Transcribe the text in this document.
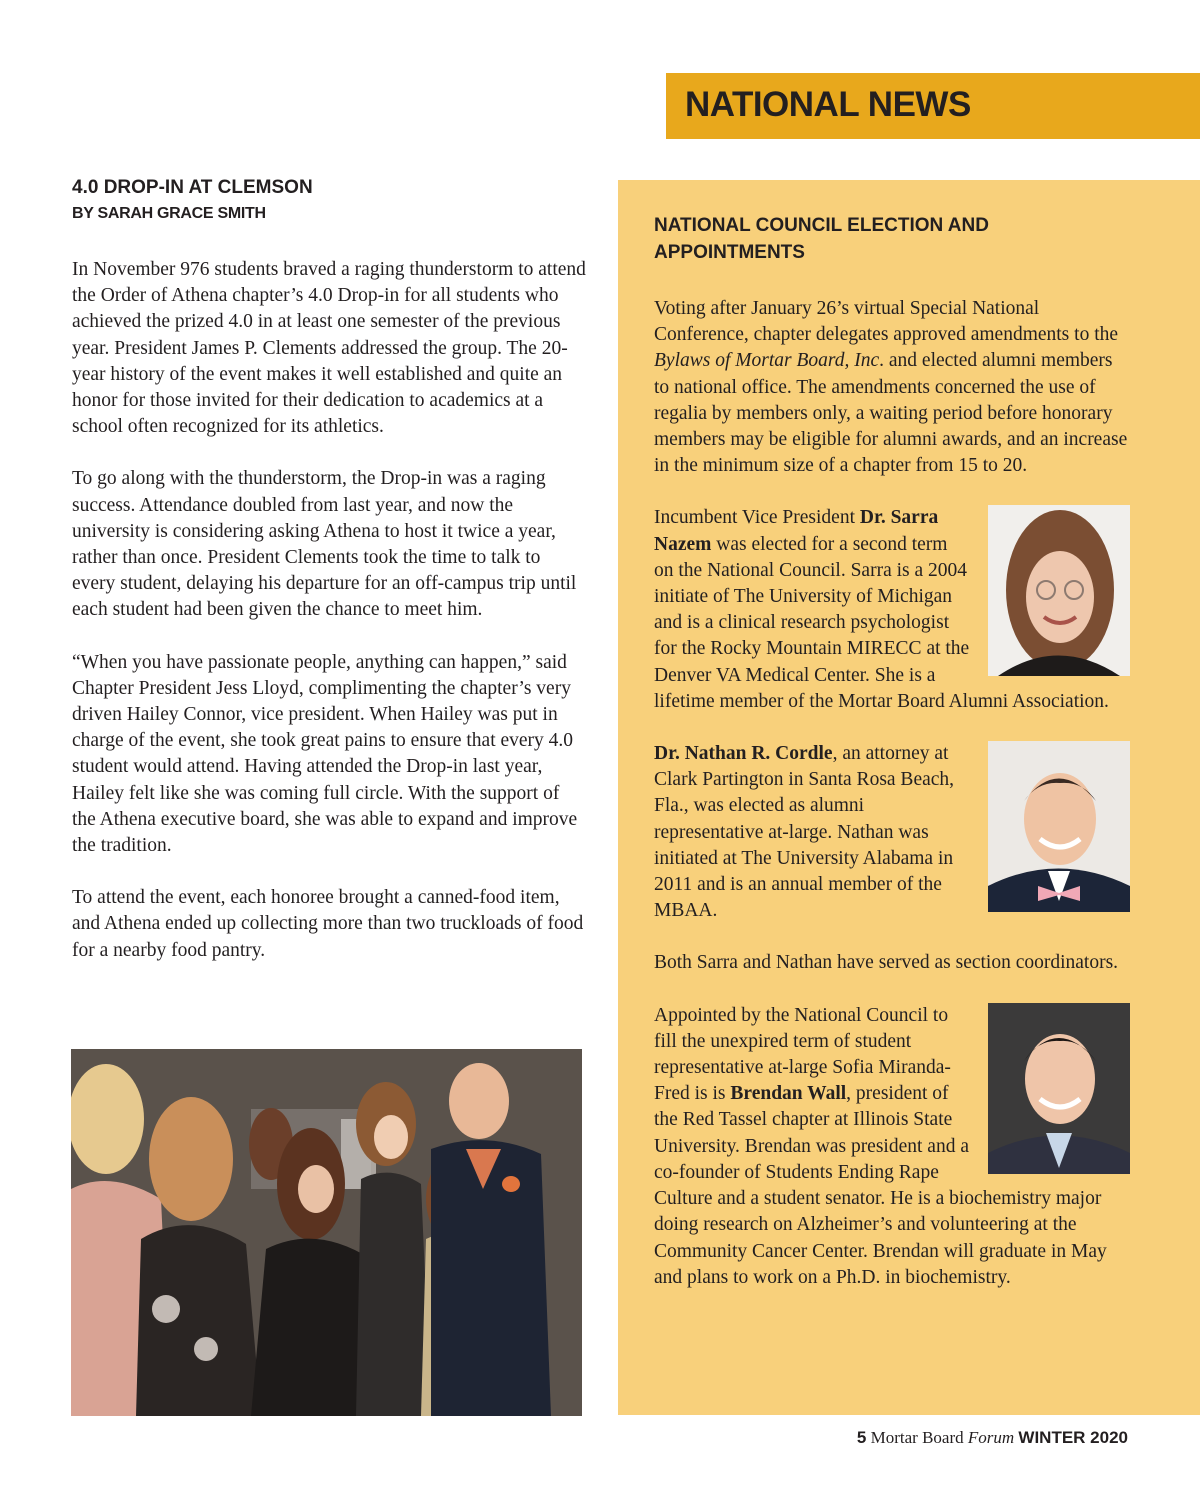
NATIONAL NEWS
4.0 DROP-IN AT CLEMSON
BY SARAH GRACE SMITH

In November 976 students braved a raging thunderstorm to attend the Order of Athena chapter’s 4.0 Drop-in for all students who achieved the prized 4.0 in at least one semester of the previous year. President James P. Clements addressed the group. The 20-year history of the event makes it well established and quite an honor for those invited for their dedication to academics at a school often recognized for its athletics.

To go along with the thunderstorm, the Drop-in was a raging success. Attendance doubled from last year, and now the university is considering asking Athena to host it twice a year, rather than once. President Clements took the time to talk to every student, delaying his departure for an off-campus trip until each student had been given the chance to meet him.

“When you have passionate people, anything can happen,” said Chapter President Jess Lloyd, complimenting the chapter’s very driven Hailey Connor, vice president. When Hailey was put in charge of the event, she took great pains to ensure that every 4.0 student would attend. Having attended the Drop-in last year, Hailey felt like she was coming full circle. With the support of the Athena executive board, she was able to expand and improve the tradition.

To attend the event, each honoree brought a canned-food item, and Athena ended up collecting more than two truckloads of food for a nearby food pantry.

NATIONAL COUNCIL ELECTION AND APPOINTMENTS

Voting after January 26’s virtual Special National Conference, chapter delegates approved amendments to the Bylaws of Mortar Board, Inc. and elected alumni members to national office. The amendments concerned the use of regalia by members only, a waiting period before honorary members may be eligible for alumni awards, and an increase in the minimum size of a chapter from 15 to 20.

Incumbent Vice President Dr. Sarra Nazem was elected for a second term on the National Council. Sarra is a 2004 initiate of The University of Michigan and is a clinical research psychologist for the Rocky Mountain MIRECC at the Denver VA Medical Center. She is a lifetime member of the Mortar Board Alumni Association.

Dr. Nathan R. Cordle, an attorney at Clark Partington in Santa Rosa Beach, Fla., was elected as alumni representative at-large. Nathan was initiated at The University Alabama in 2011 and is an annual member of the MBAA.

Both Sarra and Nathan have served as section coordinators.

Appointed by the National Council to fill the unexpired term of student representative at-large Sofia Miranda-Fred is is Brendan Wall, president of the Red Tassel chapter at Illinois State University. Brendan was president and a co-founder of Students Ending Rape Culture and a student senator. He is a biochemistry major doing research on Alzheimer’s and volunteering at the Community Cancer Center. Brendan will graduate in May and plans to work on a Ph.D. in biochemistry.

5 Mortar Board Forum WINTER 2020
